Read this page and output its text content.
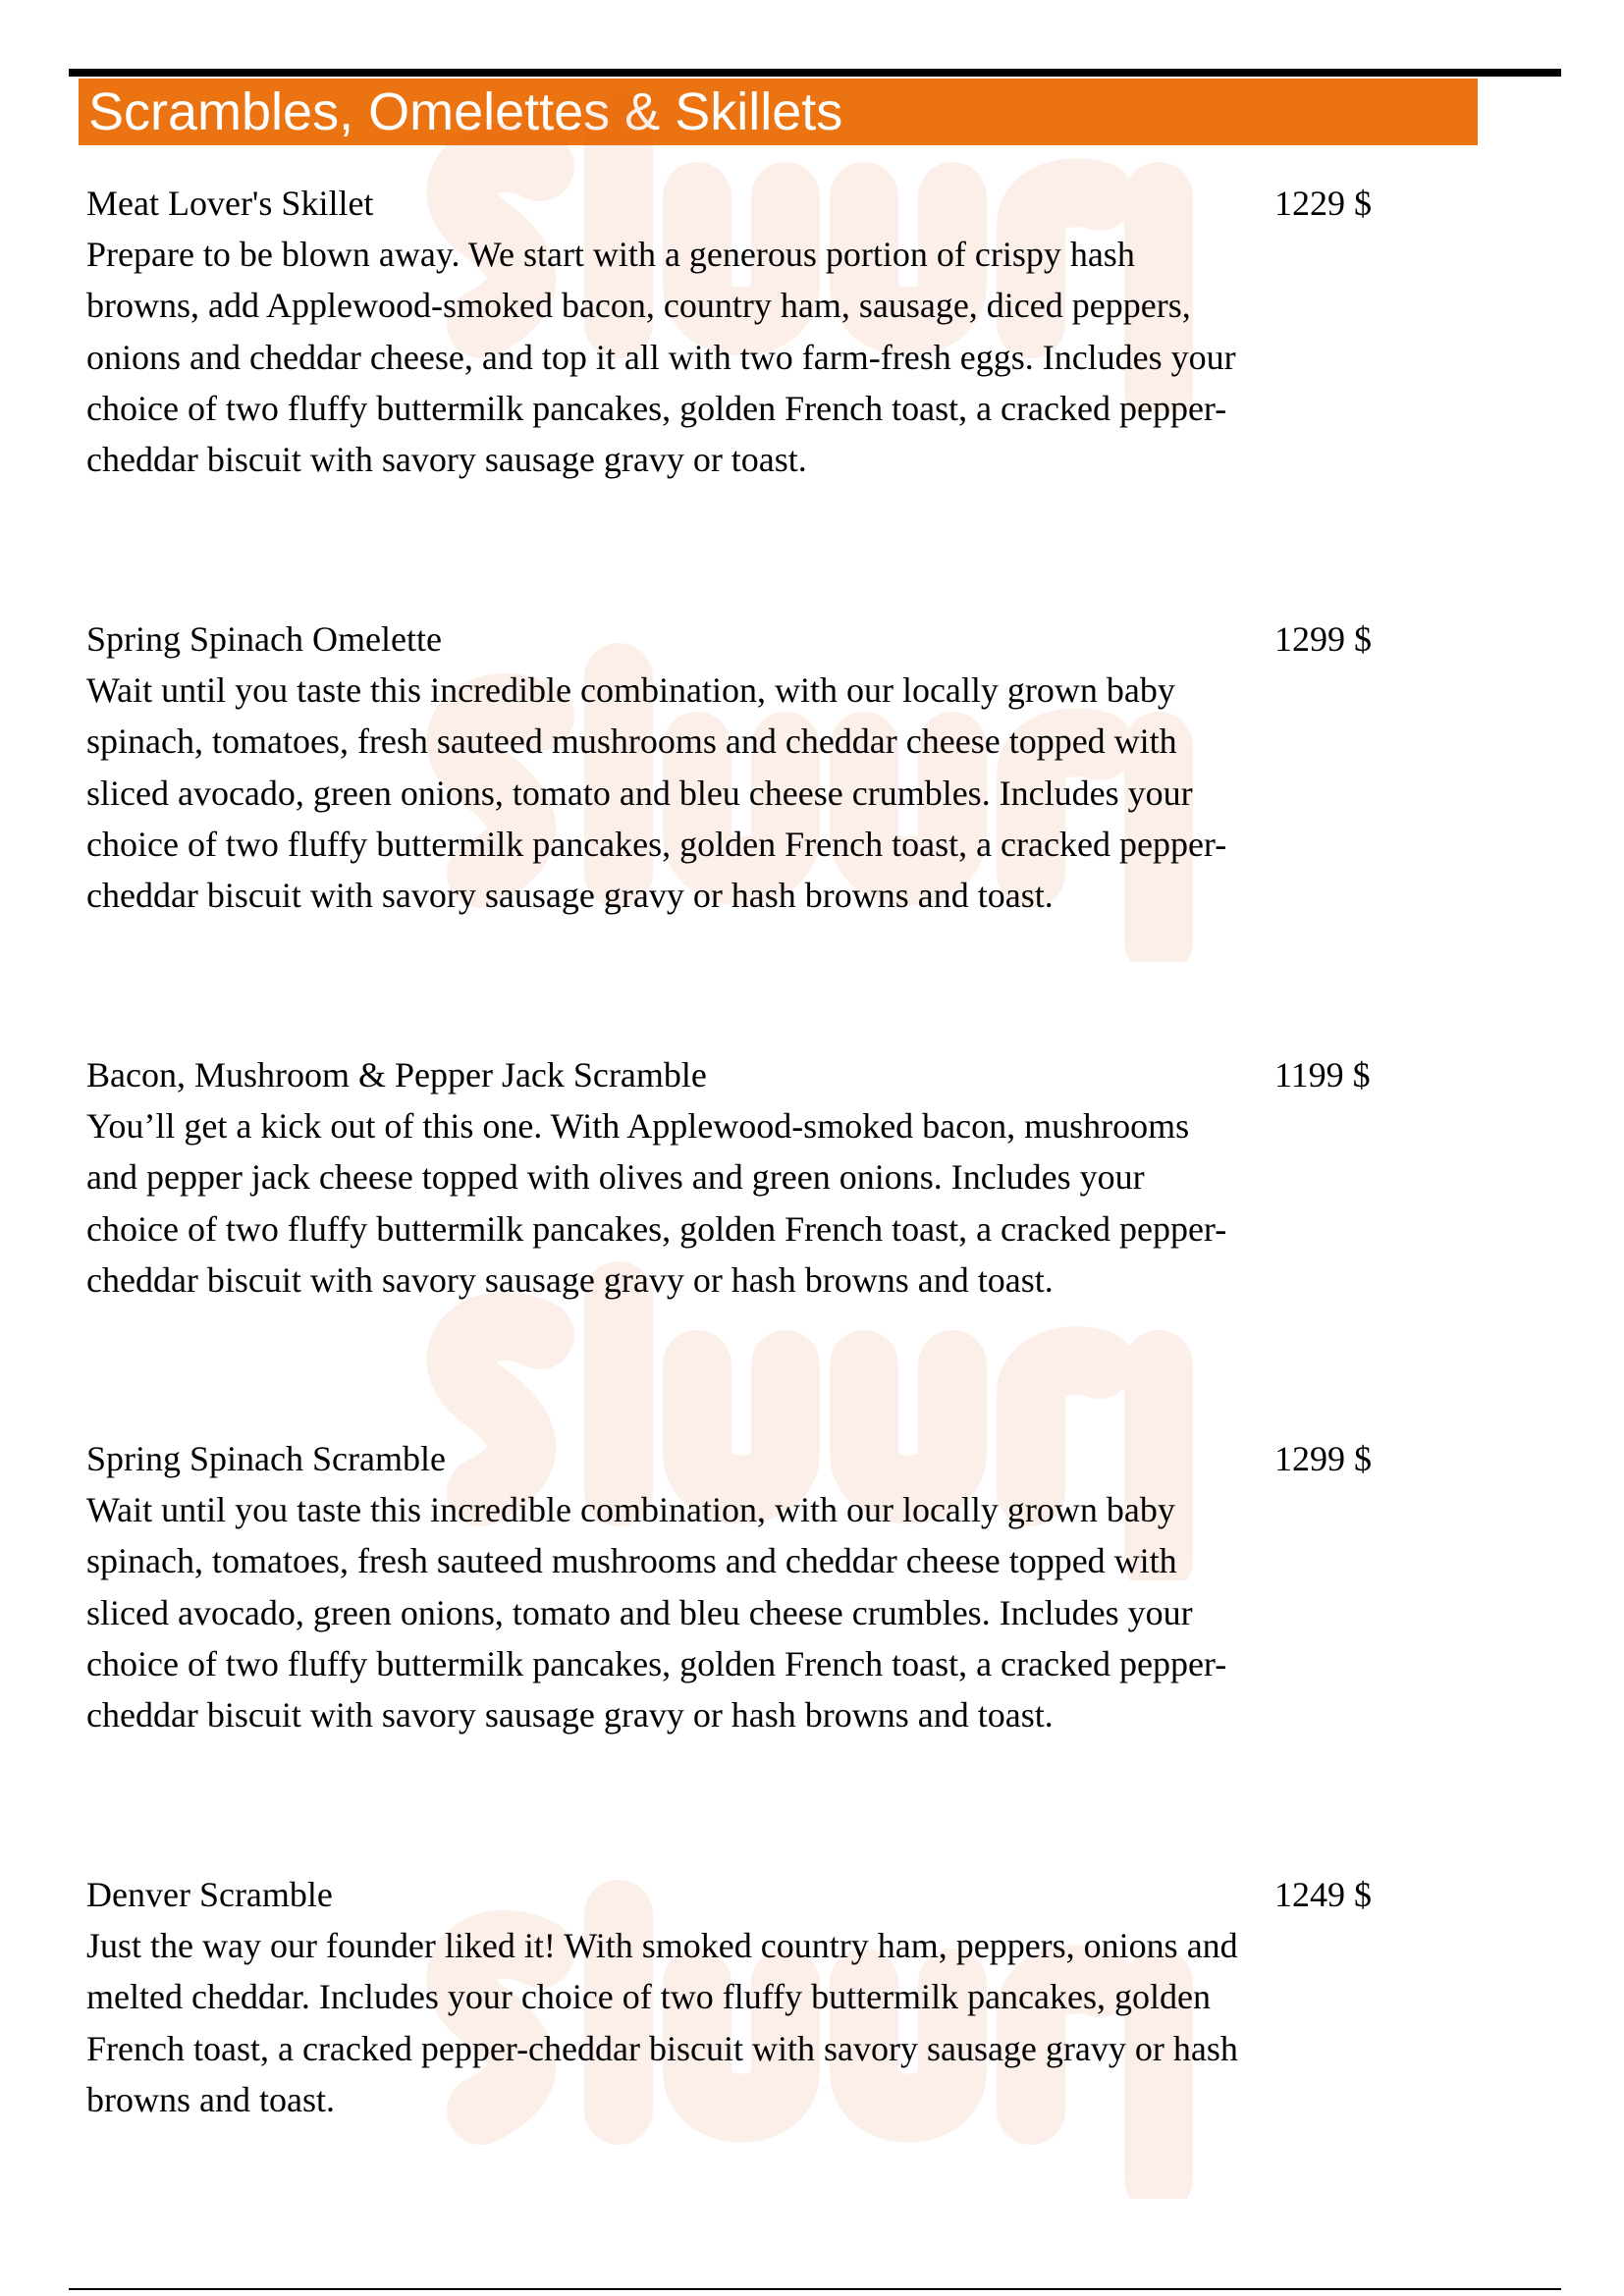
Scrambles, Omelettes & Skillets
Meat Lover's Skillet
Prepare to be blown away. We start with a generous portion of crispy hash browns, add Applewood-smoked bacon, country ham, sausage, diced peppers, onions and cheddar cheese, and top it all with two farm-fresh eggs. Includes your choice of two fluffy buttermilk pancakes, golden French toast, a cracked pepper-cheddar biscuit with savory sausage gravy or toast.
1229 $
Spring Spinach Omelette
Wait until you taste this incredible combination, with our locally grown baby spinach, tomatoes, fresh sauteed mushrooms and cheddar cheese topped with sliced avocado, green onions, tomato and bleu cheese crumbles. Includes your choice of two fluffy buttermilk pancakes, golden French toast, a cracked pepper-cheddar biscuit with savory sausage gravy or hash browns and toast.
1299 $
Bacon, Mushroom & Pepper Jack Scramble
You’ll get a kick out of this one. With Applewood-smoked bacon, mushrooms and pepper jack cheese topped with olives and green onions. Includes your choice of two fluffy buttermilk pancakes, golden French toast, a cracked pepper-cheddar biscuit with savory sausage gravy or hash browns and toast.
1199 $
Spring Spinach Scramble
Wait until you taste this incredible combination, with our locally grown baby spinach, tomatoes, fresh sauteed mushrooms and cheddar cheese topped with sliced avocado, green onions, tomato and bleu cheese crumbles. Includes your choice of two fluffy buttermilk pancakes, golden French toast, a cracked pepper-cheddar biscuit with savory sausage gravy or hash browns and toast.
1299 $
Denver Scramble
Just the way our founder liked it! With smoked country ham, peppers, onions and melted cheddar. Includes your choice of two fluffy buttermilk pancakes, golden French toast, a cracked pepper-cheddar biscuit with savory sausage gravy or hash browns and toast.
1249 $
